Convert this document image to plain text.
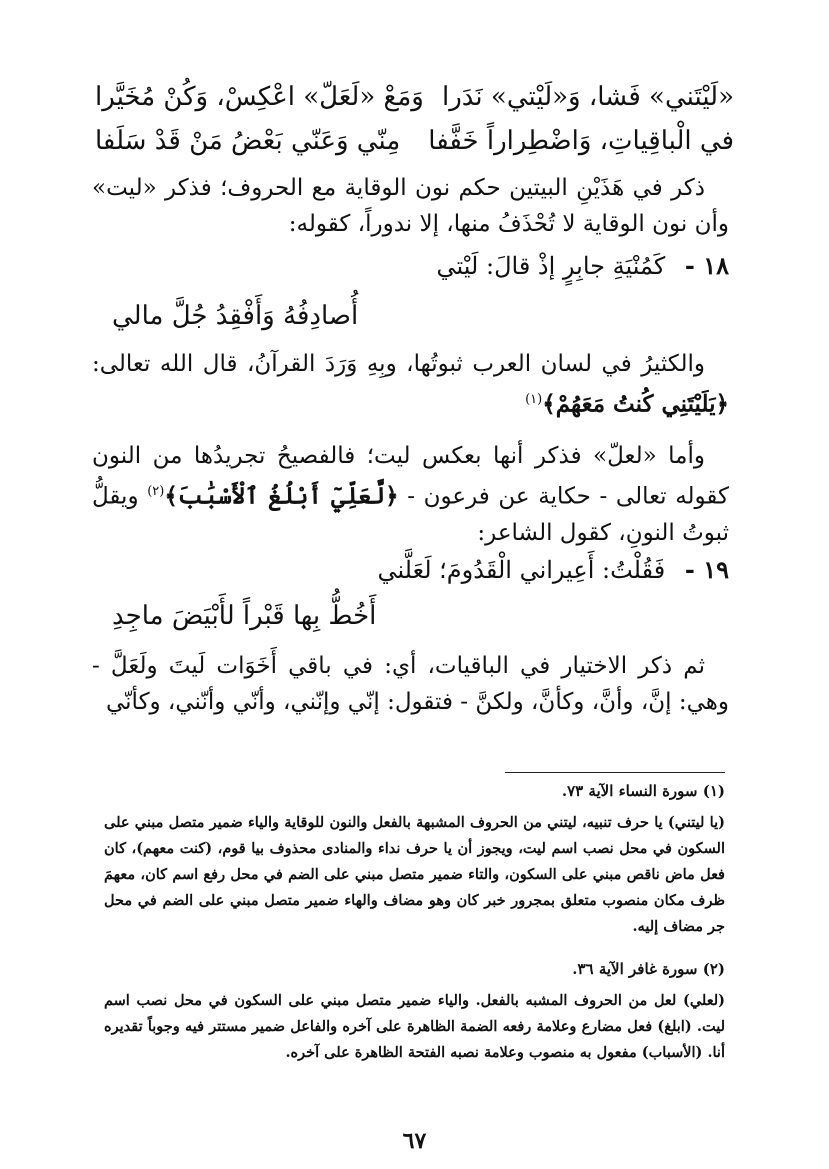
«لَيْتَني» فَشا، وَ«لَيْتي» نَدَرا
وَمَعْ «لَعَلّ» اعْكِسْ، وَكُنْ مُخَيَّرا
في الْباقِياتِ، وَاضْطِراراً خَفَّفا
مِنّي وَعَنّي بَعْضُ مَنْ قَدْ سَلَفا

ذكر في هَذَيْنِ البيتين حكم نون الوقاية مع الحروف؛ فذكر «ليت» وأن نون الوقاية لا تُحْذَفُ منها، إلا ندوراً، كقوله:

١٨ - كَمُنْيَةِ جابِرٍ إذْ قالَ: لَيْتي
أُصادِفُهُ وَأَفْقِدُ جُلَّ مالي

والكثيرُ في لسان العرب ثبوتُها، وبِهِ وَرَدَ القرآنُ، قال الله تعالى: ﴿يَلَيْتَنِي كُنتُ مَعَهُمْ﴾$^{(١)}$

وأما «لعلّ» فذكر أنها بعكس ليت؛ فالفصيحُ تجريدُها من النون كقوله تعالى - حكاية عن فرعون - ﴿لَّعَلِّيٓ أَبْلُغُ ٱلْأَسْبَٰبَ﴾$^{(٢)}$ ويقلُّ ثبوتُ النونِ، كقول الشاعر:

١٩ - فَقُلْتُ: أَعِيراني الْقَدُومَ؛ لَعَلَّني
أَخُطُّ بِها قَبْراً لأَبْيَضَ ماجِدِ

ثم ذكر الاختيار في الباقيات، أي: في باقي أَخَوَات لَيتَ ولَعَلَّ - وهي: إنَّ، وأنَّ، وكأنَّ، ولكنَّ - فتقول: إنّي وإنّني، وأنّي وأنّني، وكأنّي

(١) سورة النساء الآية ٧٣.

(يا ليتني) يا حرف تنبيه، ليتني من الحروف المشبهة بالفعل والنون للوقاية والياء ضمير متصل مبني على السكون في محل نصب اسم ليت، ويجوز أن يا حرف نداء والمنادى محذوف بيا قوم، (كنت معهم)، كان فعل ماض ناقص مبني على السكون، والتاء ضمير متصل مبني على الضم في محل رفع اسم كان، معهمَ ظرف مكان منصوب متعلق بمجرور خبر كان وهو مضاف والهاء ضمير متصل مبني على الضم في محل جر مضاف إليه.

(٢) سورة غافر الآية ٣٦.

(لعلي) لعل من الحروف المشبه بالفعل. والياء ضمير متصل مبني على السكون في محل نصب اسم ليت. (ابلغ) فعل مضارع وعلامة رفعه الضمة الظاهرة على آخره والفاعل ضمير مستتر فيه وجوباً تقديره أنا. (الأسباب) مفعول به منصوب وعلامة نصبه الفتحة الظاهرة على آخره.

٦٧
